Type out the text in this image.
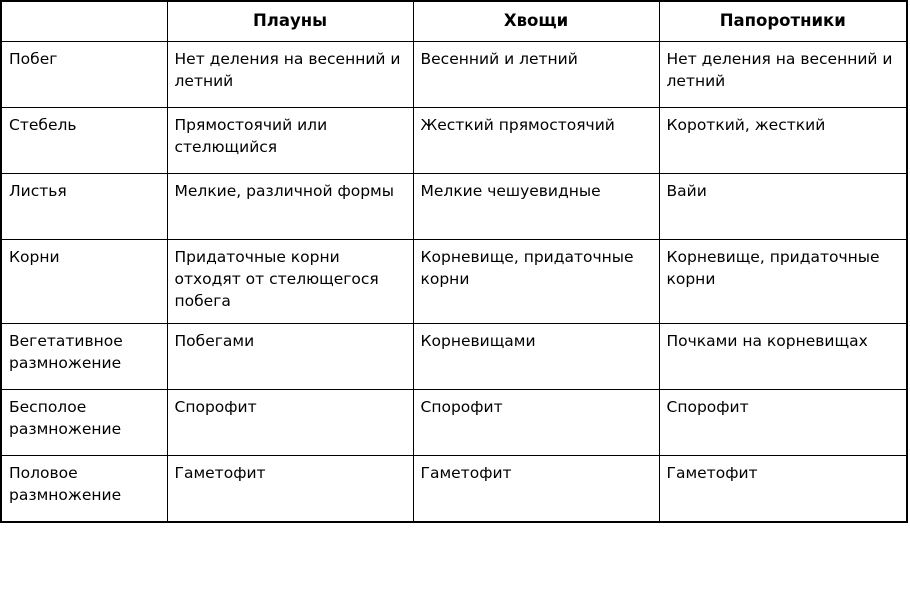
	Плауны	Хвощи	Папоротники
Побег	Нет деления на весенний и летний	Весенний и летний	Нет деления на весенний и летний
Стебель	Прямостоячий или стелющийся	Жесткий прямостоячий	Короткий, жесткий
Листья	Мелкие, различной формы	Мелкие чешуевидные	Вайи
Корни	Придаточные корни отходят от стелющегося побега	Корневище, придаточные корни	Корневище, придаточные корни
Вегетативное размножение	Побегами	Корневищами	Почками на корневищах
Бесполое размножение	Спорофит	Спорофит	Спорофит
Половое размножение	Гаметофит	Гаметофит	Гаметофит
